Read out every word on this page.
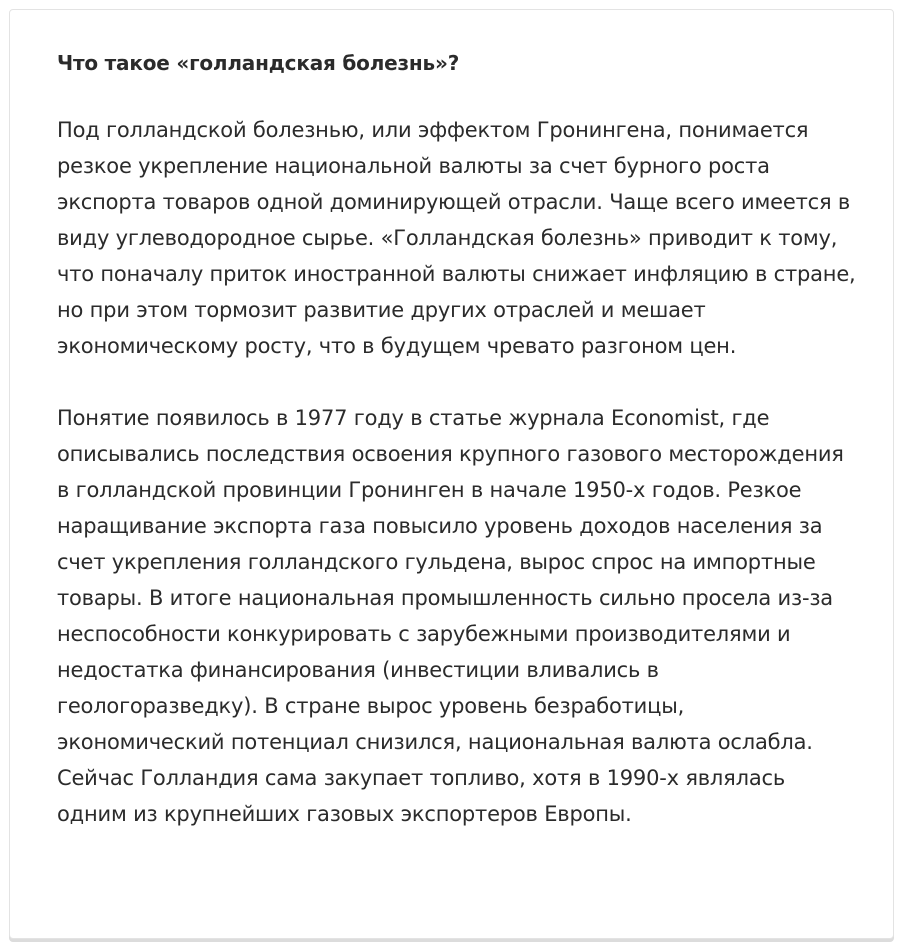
Что такое «голландская болезнь»?

Под голландской болезнью, или эффектом Гронингена, понимается резкое укрепление национальной валюты за счет бурного роста экспорта товаров одной доминирующей отрасли. Чаще всего имеется в виду углеводородное сырье. «Голландская болезнь» приводит к тому, что поначалу приток иностранной валюты снижает инфляцию в стране, но при этом тормозит развитие других отраслей и мешает экономическому росту, что в будущем чревато разгоном цен.

Понятие появилось в 1977 году в статье журнала Economist, где описывались последствия освоения крупного газового месторождения в голландской провинции Гронинген в начале 1950-х годов. Резкое наращивание экспорта газа повысило уровень доходов населения за счет укрепления голландского гульдена, вырос спрос на импортные товары. В итоге национальная промышленность сильно просела из-за неспособности конкурировать с зарубежными производителями и недостатка финансирования (инвестиции вливались в геологоразведку). В стране вырос уровень безработицы, экономический потенциал снизился, национальная валюта ослабла. Сейчас Голландия сама закупает топливо, хотя в 1990-х являлась одним из крупнейших газовых экспортеров Европы.
